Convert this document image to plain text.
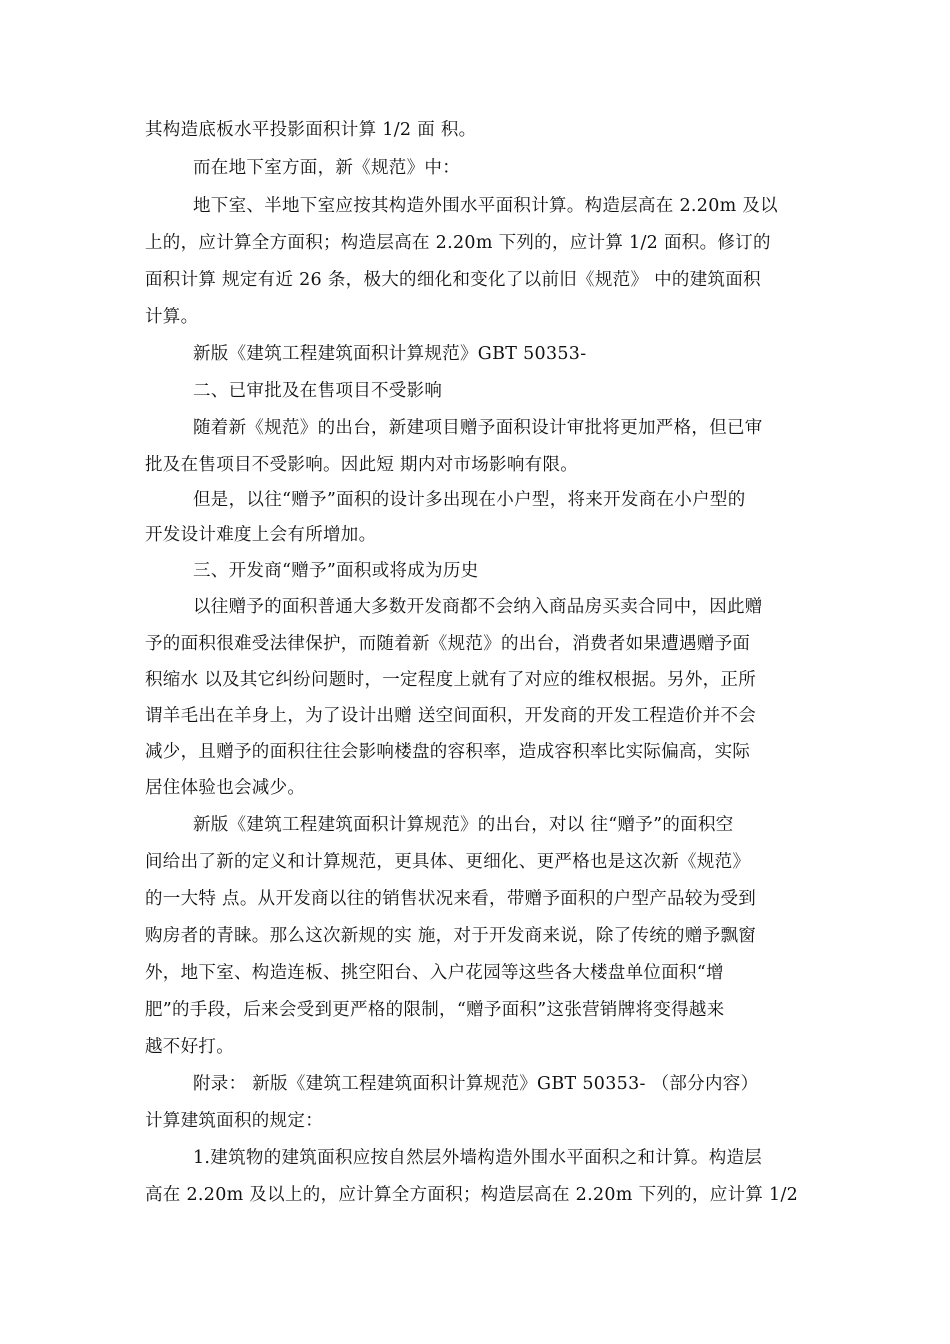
其构造底板水平投影面积计算 1/2 面 积。
而在地下室方面，新《规范》中：
地下室、半地下室应按其构造外围水平面积计算。构造层高在 2.20m 及以
上的，应计算全方面积；构造层高在 2.20m 下列的，应计算 1/2 面积。修订的
面积计算 规定有近 26 条，极大的细化和变化了以前旧《规范》 中的建筑面积
计算。
新版《建筑工程建筑面积计算规范》GBT 50353-
二、已审批及在售项目不受影响
随着新《规范》的出台，新建项目赠予面积设计审批将更加严格，但已审
批及在售项目不受影响。因此短 期内对市场影响有限。
但是，以往“赠予”面积的设计多出现在小户型，将来开发商在小户型的
开发设计难度上会有所增加。
三、开发商“赠予”面积或将成为历史
以往赠予的面积普通大多数开发商都不会纳入商品房买卖合同中，因此赠
予的面积很难受法律保护，而随着新《规范》的出台，消费者如果遭遇赠予面
积缩水 以及其它纠纷问题时，一定程度上就有了对应的维权根据。另外，正所
谓羊毛出在羊身上，为了设计出赠 送空间面积，开发商的开发工程造价并不会
减少，且赠予的面积往往会影响楼盘的容积率，造成容积率比实际偏高，实际
居住体验也会减少。
新版《建筑工程建筑面积计算规范》的出台，对以 往“赠予”的面积空
间给出了新的定义和计算规范，更具体、更细化、更严格也是这次新《规范》
的一大特 点。从开发商以往的销售状况来看，带赠予面积的户型产品较为受到
购房者的青睐。那么这次新规的实 施，对于开发商来说，除了传统的赠予飘窗
外，地下室、构造连板、挑空阳台、入户花园等这些各大楼盘单位面积“增
肥”的手段，后来会受到更严格的限制，“赠予面积”这张营销牌将变得越来
越不好打。
附录： 新版《建筑工程建筑面积计算规范》GBT 50353- （部分内容）
计算建筑面积的规定：
1.建筑物的建筑面积应按自然层外墙构造外围水平面积之和计算。构造层
高在 2.20m 及以上的，应计算全方面积；构造层高在 2.20m 下列的，应计算 1/2
